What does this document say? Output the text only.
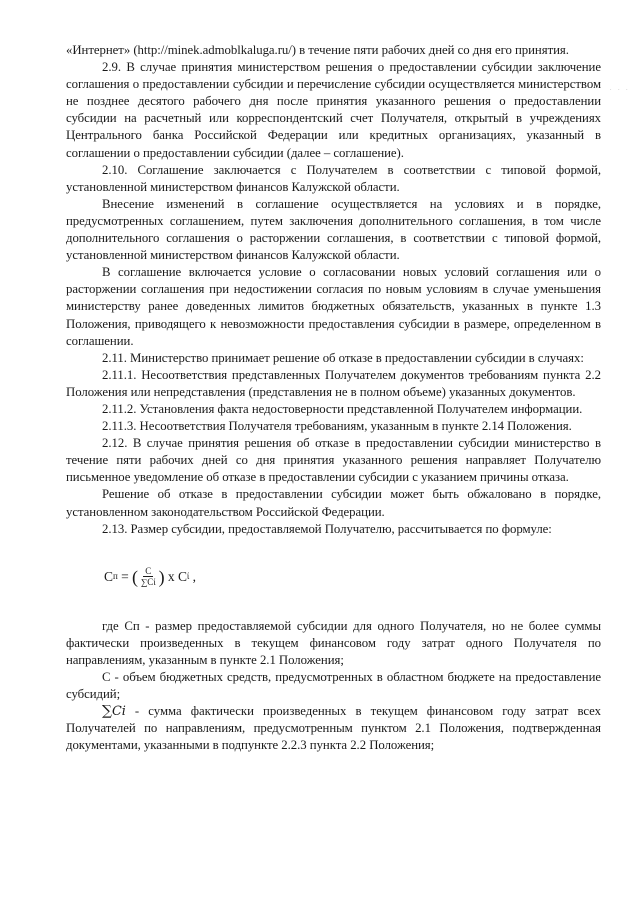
· · ·

«Интернет» (http://minek.admoblkaluga.ru/) в течение пяти рабочих дней со дня его принятия.

2.9. В случае принятия министерством решения о предоставлении субсидии заключение соглашения о предоставлении субсидии и перечисление субсидии осуществляется министерством не позднее десятого рабочего дня после принятия указанного решения о предоставлении субсидии на расчетный или корреспондентский счет Получателя, открытый в учреждениях Центрального банка Российской Федерации или кредитных организациях, указанный в соглашении о предоставлении субсидии (далее – соглашение).

2.10. Соглашение заключается с Получателем в соответствии с типовой формой, установленной министерством финансов Калужской области.

Внесение изменений в соглашение осуществляется на условиях и в порядке, предусмотренных соглашением, путем заключения дополнительного соглашения, в том числе дополнительного соглашения о расторжении соглашения, в соответствии с типовой формой, установленной министерством финансов Калужской области.

В соглашение включается условие о согласовании новых условий соглашения или о расторжении соглашения при недостижении согласия по новым условиям в случае уменьшения министерству ранее доведенных лимитов бюджетных обязательств, указанных в пункте 1.3 Положения, приводящего к невозможности предоставления субсидии в размере, определенном в соглашении.

2.11. Министерство принимает решение об отказе в предоставлении субсидии в случаях:

2.11.1. Несоответствия представленных Получателем документов требованиям пункта 2.2 Положения или непредставления (представления не в полном объеме) указанных документов.

2.11.2. Установления факта недостоверности представленной Получателем информации.

2.11.3. Несоответствия Получателя требованиям, указанным в пункте 2.14 Положения.

2.12. В случае принятия решения об отказе в предоставлении субсидии министерство в течение пяти рабочих дней со дня принятия указанного решения направляет Получателю письменное уведомление об отказе в предоставлении субсидии с указанием причины отказа.

Решение об отказе в предоставлении субсидии может быть обжаловано в порядке, установленном законодательством Российской Федерации.

2.13. Размер субсидии, предоставляемой Получателю, рассчитывается по формуле:

С п = ( $\frac{C}{\sum Cί}$ ) х С ί ,

где Сп - размер предоставляемой субсидии для одного Получателя, но не более суммы фактически произведенных в текущем финансовом году затрат одного Получателя по направлениям, указанным в пункте 2.1 Положения;

С - объем бюджетных средств, предусмотренных в областном бюджете на предоставление субсидий;

∑Ci - сумма фактически произведенных в текущем финансовом году затрат всех Получателей по направлениям, предусмотренным пунктом 2.1 Положения, подтвержденная документами, указанными в подпункте 2.2.3 пункта 2.2 Положения;
